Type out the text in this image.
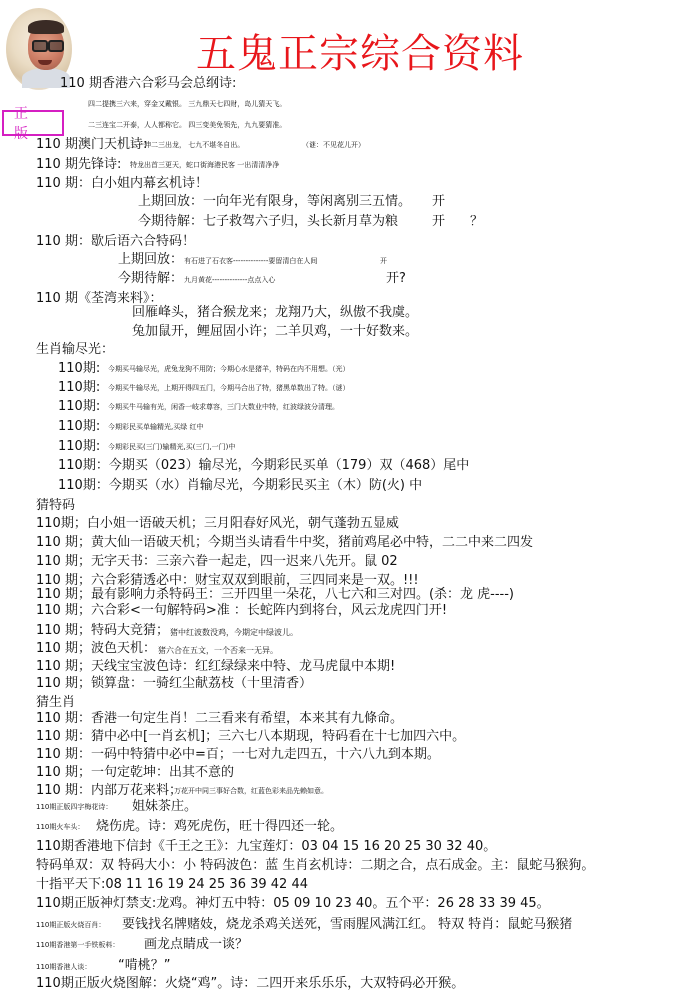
五鬼正宗综合资料
正 版
110 期香港六合彩马会总纲诗:
四二提携三六来，穿金又戴银。 三九鼎天七四财，岛儿猜天飞。
二三连宝二开泰，人人都称它。 四三变美免领先，九九要猜准。
110 期澳门天机诗:
三一伸二三出龙， 七九不堪冬自出。	（谜：不见花儿开）
110 期先锋诗: 特龙出首三更天，蛇口街海港民客 一出清清净净
110 期：白小姐内幕玄机诗！
上期回放：一向年光有限身，等闲离别三五情。 开
今期待解：七子救驾六子归，头长新月草为粮	开 ？
110 期：歇后语六合特码！
上期回放： 有石进了石衣客--------------要留清白在人间	开
今期待解： 九月黄花--------------点点入心	开?
110 期《荃湾来料》：
回雁峰头，猪合猴龙来；龙翔乃大，纵傲不我虞。
兔加鼠开，鲤屈固小许；二羊贝鸡，一十好数来。
生肖输尽光：
110期: 今期买马输尽光，虎兔龙狗不用防；今期心水是猪羊，特码在内不用想。（光）
110期: 今期买牛输尽光，上期开得四五门，今期马合出了特，猪黑单数出了特。（谜）
110期: 今期买牛马输有光，闲香一岐求尊容，三门大数业中特，红波绿波分清理。
110期: 今期彩民买单输精光,买绿 红中
110期: 今期彩民买(三门)输精光,买(三门,一门)中
110期：今期买（023）输尽光，今期彩民买单（179）双（468）尾中
110期：今期买（水）肖输尽光，今期彩民买主（木）防(火) 中
猜特码
110期；白小姐一语破天机；三月阳春好风光，朝气蓬勃五显威
110 期；黄大仙一语破天机；今期当头请看牛中奖，猪前鸡尾必中特，二二中来二四发
110 期；无字天书：三亲六眷一起走，四一迟来八先开。鼠 02
110 期；六合彩猜透必中：财宝双双到眼前，三四同来是一双。!!!
110 期；最有影响力杀特码王：三开四里一朵花，八七六和三对四。(杀：龙 虎----)
110 期；六合彩<一句解特码>准 ：长蛇阵内到将台，风云龙虎四门开!
110 期；特码大竞猜； 猪中红波数没鸡，今期定中绿波儿。
110 期；波色天机： 猪六合在五文，一个否来一无异。
110 期；天线宝宝波色诗：红红绿绿来中特、龙马虎鼠中本期!
110 期；锁算盘：一骑红尘献荔枝（十里清香）
猜生肖
110 期：香港一句定生肖！二三看来有希望，本来其有九條命。
110 期：猜中必中[一肖玄机]；三六七八本期现，特码看在十七加四六中。
110 期：一码中特猜中必中=百；一七对九走四五，十六八九到本期。
110 期；一句定乾坤：出其不意的
110 期：内部万花来料；
万花开中同三事好合数，红蓝色彩来品先赖如意。
110期正版四字梅花诗： 姐妹茶庄。
110期火车头： 烧伤虎。诗：鸡死虎伤，旺十得四还一轮。
110期香港地下信封《千王之王》：九宝莲灯：03 04 15 16 20 25 30 32 40。
特码单双：双 特码大小：小 特码波色：蓝 生肖玄机诗：二期之合，点石成金。主：鼠蛇马猴狗。
十指平天下:08 11 16 19 24 25 36 39 42 44
110期正版神灯禁支:龙鸡。神灯五中特：05 09 10 23 40。五个平：26 28 33 39 45。
110期正版火烧百肖： 要钱找名牌赌妓，烧龙杀鸡关送死，雪雨腥风满江红。 特双 特肖：鼠蛇马猴猪
110期香港第一手铁板料： 画龙点睛成一谈？
110期香港人谈： “啃桃？”
110期正版火烧图解：火烧“鸡”。诗：二四开来乐乐乐，大双特码必开猴。
